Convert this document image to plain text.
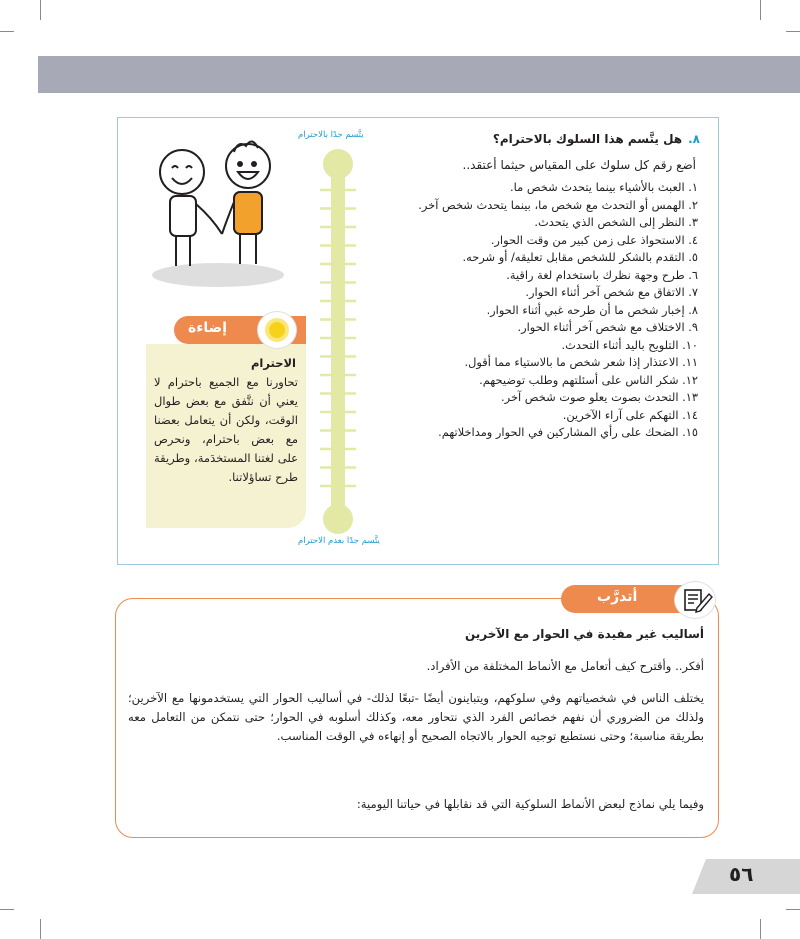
٨.هل يتَّسم هذا السلوك بالاحترام؟
أضع رقم كل سلوك على المقياس حيثما أعتقد..
١. العبث بالأشياء بينما يتحدث شخص ما.
٢. الهمس أو التحدث مع شخص ما، بينما يتحدث شخص آخر.
٣. النظر إلى الشخص الذي يتحدث.
٤. الاستحواذ على زمن كبير من وقت الحوار.
٥. التقدم بالشكر للشخص مقابل تعليقه/ أو شرحه.
٦. طرح وجهة نظرك باستخدام لغة راقية.
٧. الاتفاق مع شخص آخر أثناء الحوار.
٨. إخبار شخص ما أن طرحه غبي أثناء الحوار.
٩. الاختلاف مع شخص آخر أثناء الحوار.
١٠. التلويح باليد أثناء التحدث.
١١. الاعتذار إذا شعر شخص ما بالاستياء مما أقول.
١٢. شكر الناس على أسئلتهم وطلب توضيحهم.
١٣. التحدث بصوت يعلو صوت شخص آخر.
١٤. التهكم على آراء الآخرين.
١٥. الضحك على رأي المشاركين في الحوار ومداخلاتهم.
يتَّسم جدًا بالاحترام
يتَّسم جدًا بعدم الاحترام
إضاءة
الاحترام
تحاورنا مع الجميع باحترام لا يعني أن نتَّفق مع بعض طوال الوقت، ولكن أن يتعامل بعضنا مع بعض باحترام، ونحرص على لغتنا المستخدَمة، وطريقة طرح تساؤلاتنا.
أتدرَّب
أساليب غير مفيدة في الحوار مع الآخرين
أفكر.. وأقترح كيف أتعامل مع الأنماط المختلفة من الأفراد.
يختلف الناس في شخصياتهم وفي سلوكهم، ويتباينون أيضًا -تبعًا لذلك- في أساليب الحوار التي يستخدمونها مع الآخرين؛ ولذلك من الضروري أن نفهم خصائص الفرد الذي نتحاور معه، وكذلك أسلوبه في الحوار؛ حتى نتمكن من التعامل معه بطريقة مناسبة؛ وحتى نستطيع توجيه الحوار بالاتجاه الصحيح أو إنهاءه في الوقت المناسب.
وفيما يلي نماذج لبعض الأنماط السلوكية التي قد نقابلها في حياتنا اليومية:
٥٦
